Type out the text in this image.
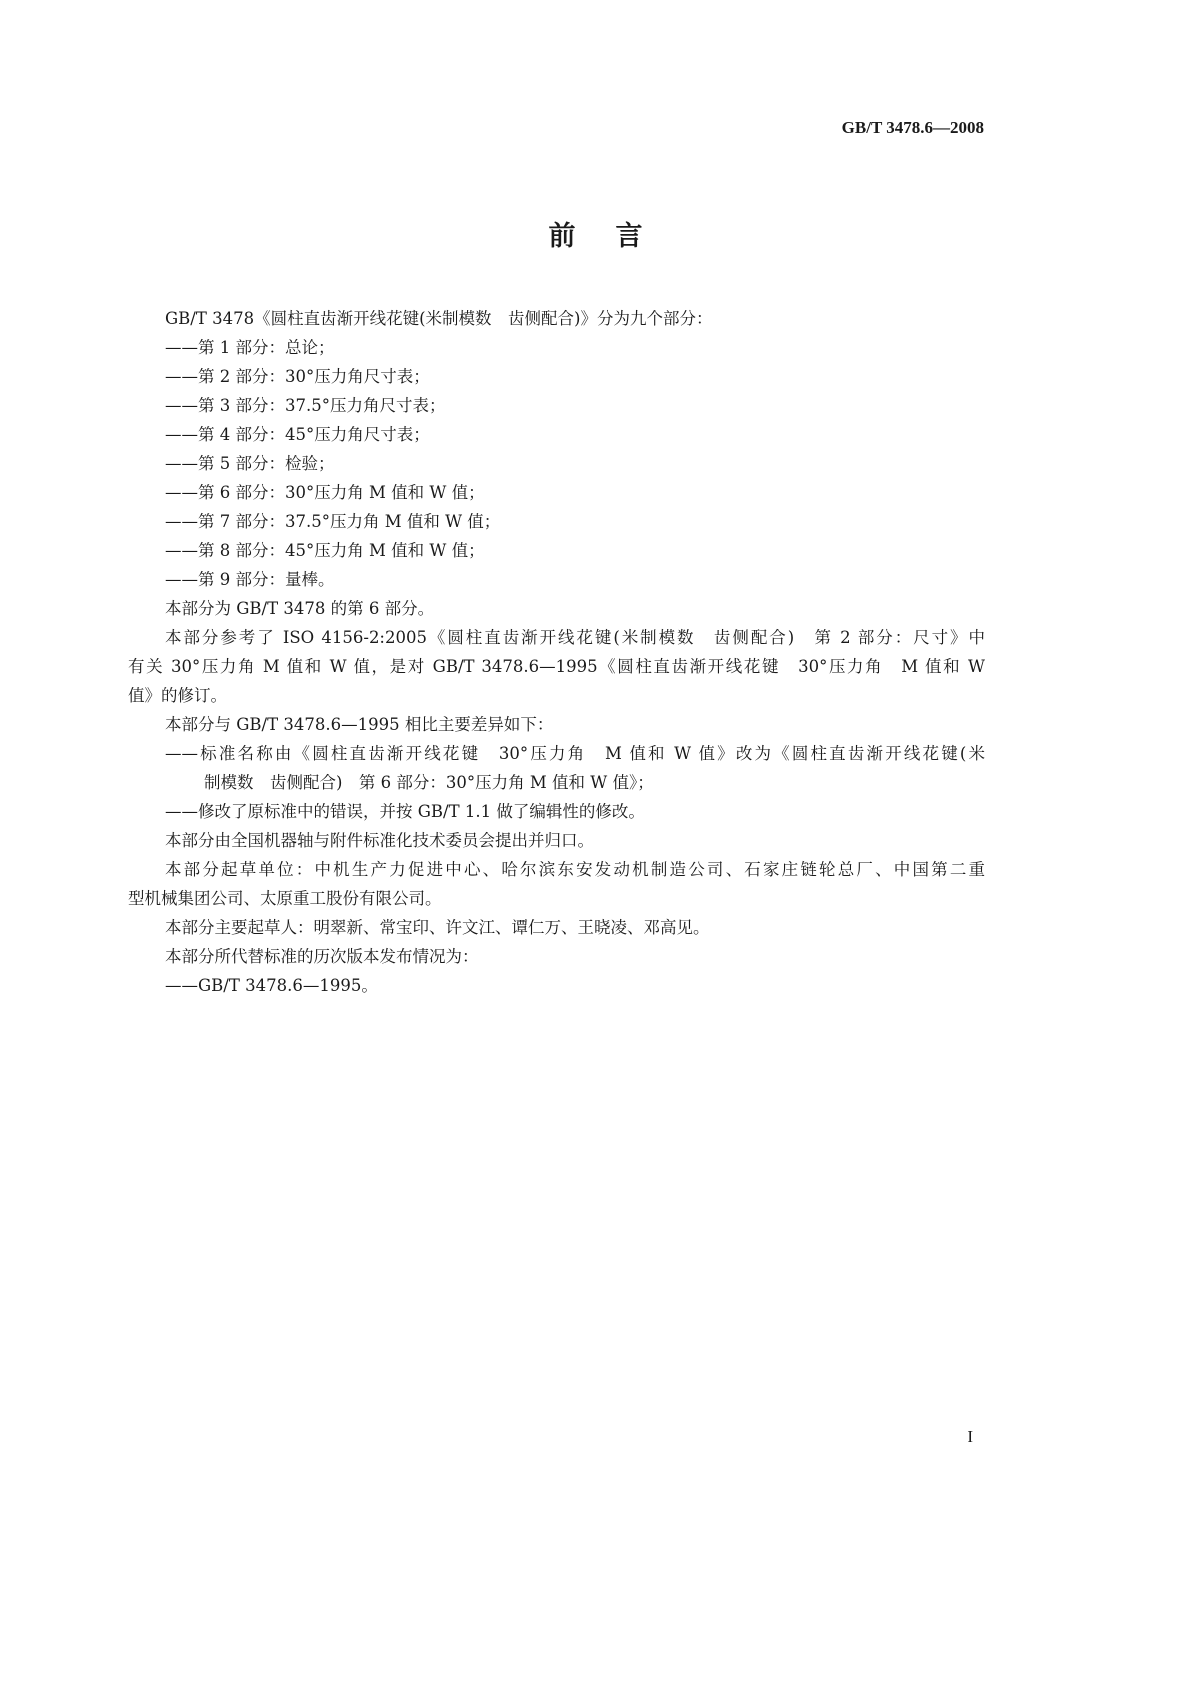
GB/T 3478.6—2008
前言
GB/T 3478《圆柱直齿渐开线花键(米制模数　齿侧配合)》分为九个部分：
——第 1 部分：总论；
——第 2 部分：30°压力角尺寸表；
——第 3 部分：37.5°压力角尺寸表；
——第 4 部分：45°压力角尺寸表；
——第 5 部分：检验；
——第 6 部分：30°压力角 M 值和 W 值；
——第 7 部分：37.5°压力角 M 值和 W 值；
——第 8 部分：45°压力角 M 值和 W 值；
——第 9 部分：量棒。
本部分为 GB/T 3478 的第 6 部分。
本部分参考了 ISO 4156-2:2005《圆柱直齿渐开线花键(米制模数　齿侧配合)　第 2 部分：尺寸》中
有关 30°压力角 M 值和 W 值，是对 GB/T 3478.6—1995《圆柱直齿渐开线花键　30°压力角　M 值和 W
值》的修订。
本部分与 GB/T 3478.6—1995 相比主要差异如下：
——标准名称由《圆柱直齿渐开线花键　30°压力角　M 值和 W 值》改为《圆柱直齿渐开线花键(米
制模数　齿侧配合)　第 6 部分：30°压力角 M 值和 W 值》；
——修改了原标准中的错误，并按 GB/T 1.1 做了编辑性的修改。
本部分由全国机器轴与附件标准化技术委员会提出并归口。
本部分起草单位：中机生产力促进中心、哈尔滨东安发动机制造公司、石家庄链轮总厂、中国第二重
型机械集团公司、太原重工股份有限公司。
本部分主要起草人：明翠新、常宝印、许文江、谭仁万、王晓凌、邓高见。
本部分所代替标准的历次版本发布情况为：
——GB/T 3478.6—1995。
I
